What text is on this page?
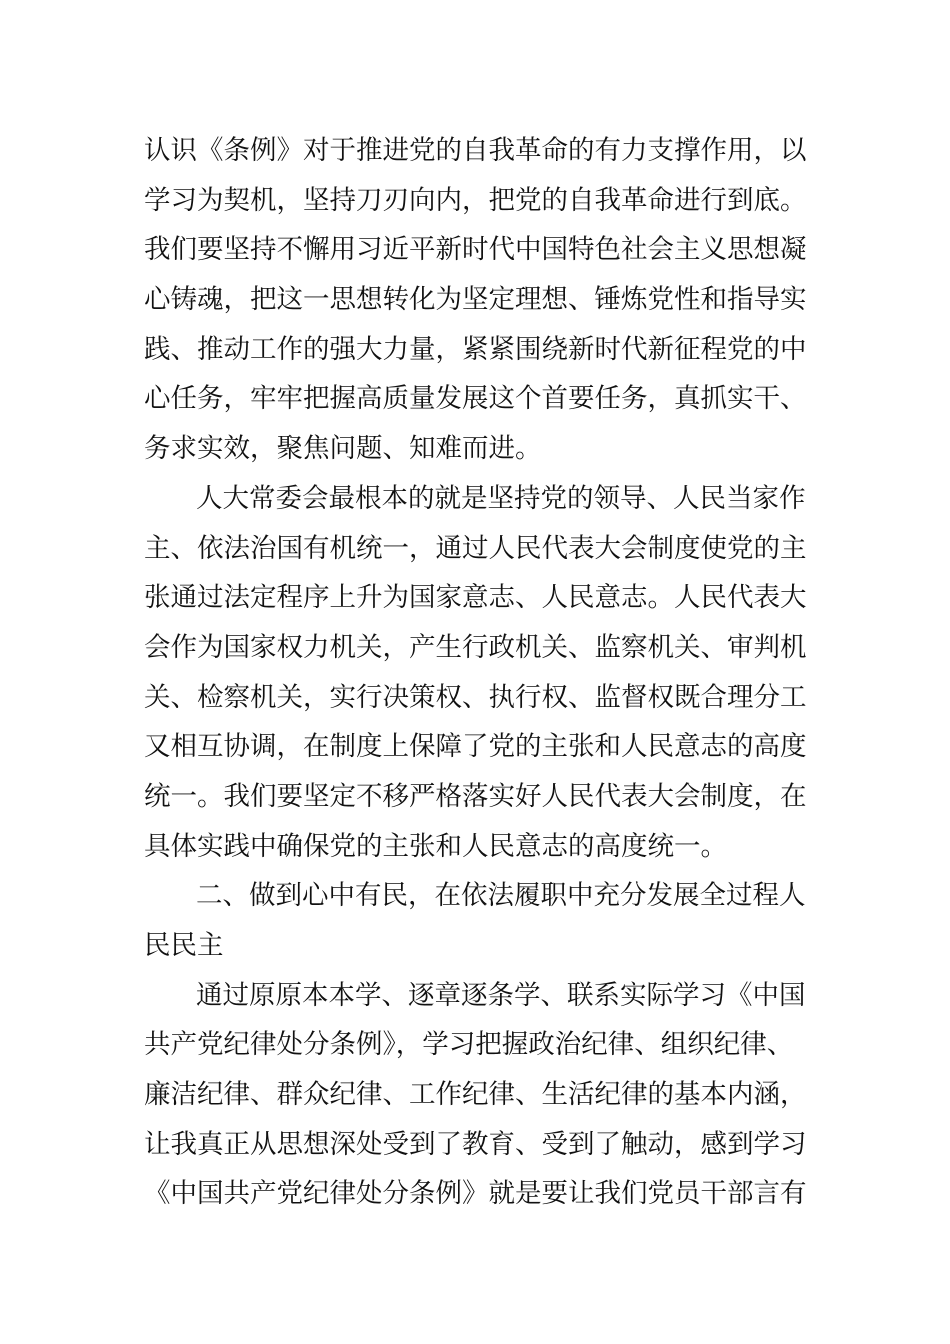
认识《条例》对于推进党的自我革命的有力支撑作用，以
学习为契机，坚持刀刃向内，把党的自我革命进行到底。
我们要坚持不懈用习近平新时代中国特色社会主义思想凝
心铸魂，把这一思想转化为坚定理想、锤炼党性和指导实
践、推动工作的强大力量，紧紧围绕新时代新征程党的中
心任务，牢牢把握高质量发展这个首要任务，真抓实干、
务求实效，聚焦问题、知难而进。
人大常委会最根本的就是坚持党的领导、人民当家作
主、依法治国有机统一，通过人民代表大会制度使党的主
张通过法定程序上升为国家意志、人民意志。人民代表大
会作为国家权力机关，产生行政机关、监察机关、审判机
关、检察机关，实行决策权、执行权、监督权既合理分工
又相互协调，在制度上保障了党的主张和人民意志的高度
统一。我们要坚定不移严格落实好人民代表大会制度，在
具体实践中确保党的主张和人民意志的高度统一。
二、做到心中有民，在依法履职中充分发展全过程人
民民主
通过原原本本学、逐章逐条学、联系实际学习《中国
共产党纪律处分条例》，学习把握政治纪律、组织纪律、
廉洁纪律、群众纪律、工作纪律、生活纪律的基本内涵，
让我真正从思想深处受到了教育、受到了触动，感到学习
《中国共产党纪律处分条例》就是要让我们党员干部言有
